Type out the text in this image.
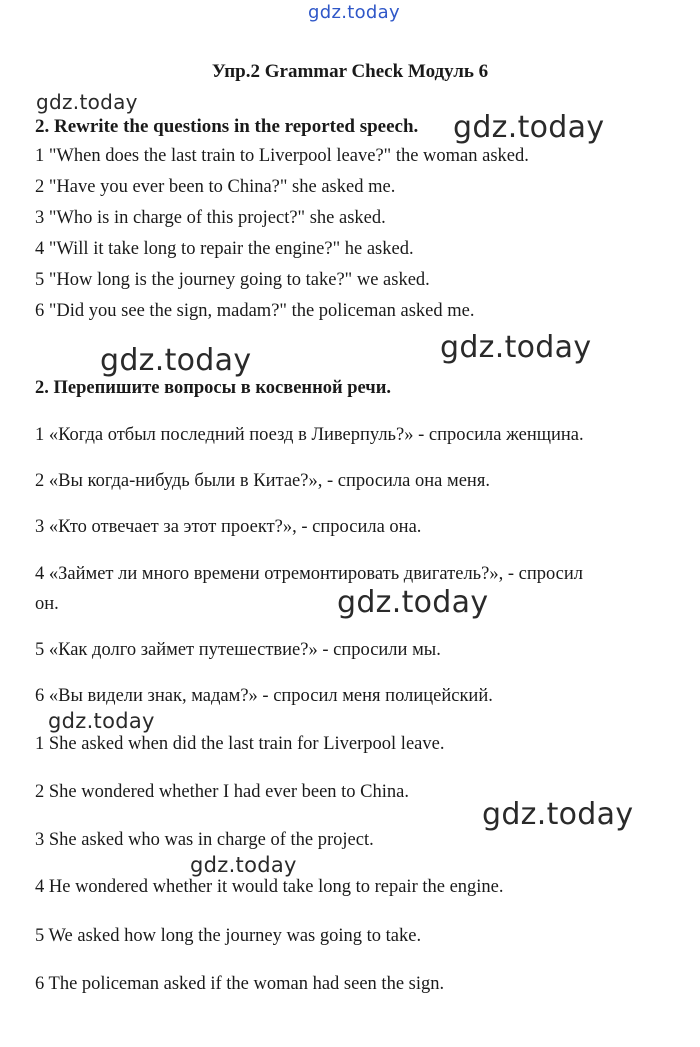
gdz.today
Упр.2 Grammar Check Модуль 6
gdz.today
2. Rewrite the questions in the reported speech. gdz.today
1 "When does the last train to Liverpool leave?" the woman asked.
2 "Have you ever been to China?" she asked me.
3 "Who is in charge of this project?" she asked.
4 "Will it take long to repair the engine?" he asked.
5 "How long is the journey going to take?" we asked.
6 "Did you see the sign, madam?" the policeman asked me.
gdz.today	gdz.today
2. Перепишите вопросы в косвенной речи.
1 «Когда отбыл последний поезд в Ливерпуль?» - спросила женщина.
2 «Вы когда-нибудь были в Китае?», - спросила она меня.
3 «Кто отвечает за этот проект?», - спросила она.
4 «Займет ли много времени отремонтировать двигатель?», - спросил
он.	gdz.today
5 «Как долго займет путешествие?» - спросили мы.
6 «Вы видели знак, мадам?» - спросил меня полицейский.
gdz.today
1 She asked when did the last train for Liverpool leave.
2 She wondered whether I had ever been to China.
gdz.today
3 She asked who was in charge of the project.
gdz.today
4 He wondered whether it would take long to repair the engine.
5 We asked how long the journey was going to take.
6 The policeman asked if the woman had seen the sign.
